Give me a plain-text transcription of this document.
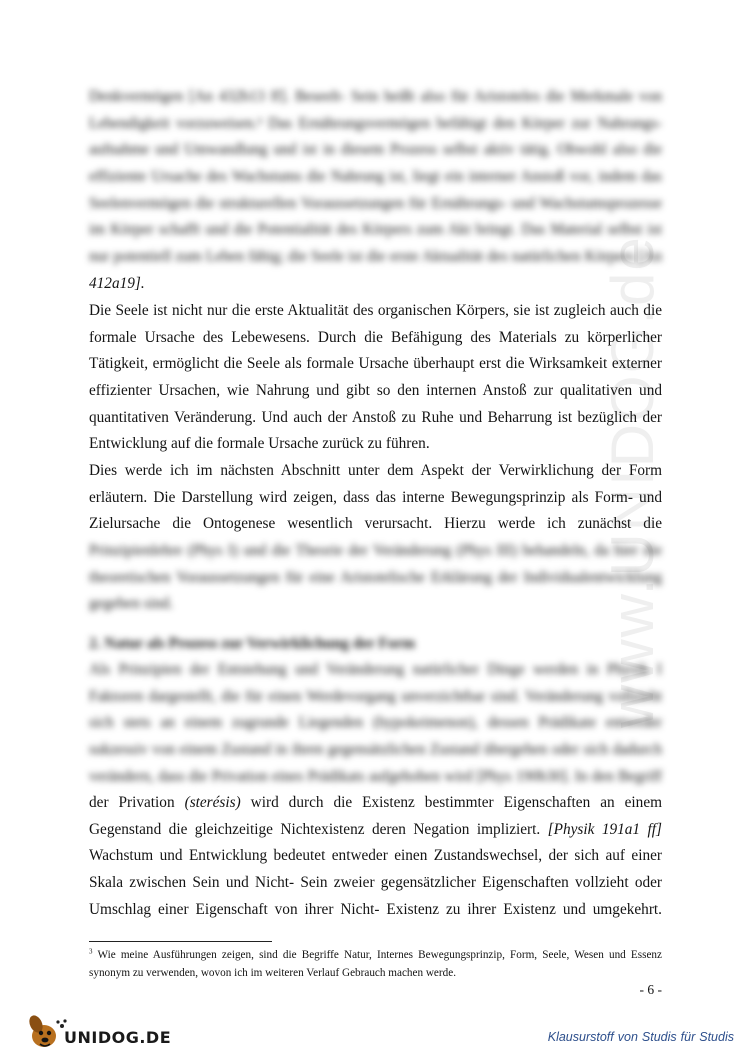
www.UNIDOG.de
Denkvermögen [An 432b13 ff]. Beseelt- Sein heißt also für Aristoteles die Merkmale von
Lebendigkeit vorzuweisen.³ Das Ernährungsvermögen befähigt den Körper zur Nahrungs-
aufnahme und Umwandlung und ist in diesem Prozess selbst aktiv tätig. Obwohl also die
effiziente Ursache des Wachstums die Nahrung ist, liegt ein interner Anstoß vor, indem das
Seelenvermögen die strukturellen Voraussetzungen für Ernährungs- und Wachstumsprozesse
im Körper schafft und die Potentialität des Körpers zum Akt bringt. Das Material selbst ist
nur potentiell zum Leben fähig; die Seele ist die erste Aktualität des natürlichen Körpers [An
412a19].
Die Seele ist nicht nur die erste Aktualität des organischen Körpers, sie ist zugleich auch die
formale Ursache des Lebewesens. Durch die Befähigung des Materials zu körperlicher
Tätigkeit, ermöglicht die Seele als formale Ursache überhaupt erst die Wirksamkeit externer
effizienter Ursachen, wie Nahrung und gibt so den internen Anstoß zur qualitativen und
quantitativen Veränderung. Und auch der Anstoß zu Ruhe und Beharrung ist bezüglich der
Entwicklung auf die formale Ursache zurück zu führen.
Dies werde ich im nächsten Abschnitt unter dem Aspekt der Verwirklichung der Form
erläutern. Die Darstellung wird zeigen, dass das interne Bewegungsprinzip als Form- und
Zielursache die Ontogenese wesentlich verursacht. Hierzu werde ich zunächst die
Prinzipienlehre (Phys I) und die Theorie der Veränderung (Phys III) behandeln, da hier die
theoretischen Voraussetzungen für eine Aristotelische Erklärung der Individualentwicklung
gegeben sind.
2. Natur als Prozess zur Verwirklichung der Form
Als Prinzipien der Entstehung und Veränderung natürlicher Dinge werden in Physik I
Faktoren dargestellt, die für einen Werdevorgang unverzichtbar sind. Veränderung vollzieht
sich stets an einem zugrunde Liegenden (hypokeimenon), dessen Prädikate entweder
sukzessiv von einem Zustand in ihren gegensätzlichen Zustand übergehen oder sich dadurch
verändern, dass die Privation eines Prädikats aufgehoben wird [Phys 190b30]. In den Begriff
der Privation (sterésis) wird durch die Existenz bestimmter Eigenschaften an einem
Gegenstand die gleichzeitige Nichtexistenz deren Negation impliziert. [Physik 191a1 ff]
Wachstum und Entwicklung bedeutet entweder einen Zustandswechsel, der sich auf einer
Skala zwischen Sein und Nicht- Sein zweier gegensätzlicher Eigenschaften vollzieht oder
Umschlag einer Eigenschaft von ihrer Nicht- Existenz zu ihrer Existenz und umgekehrt.
$^3$ Wie meine Ausführungen zeigen, sind die Begriffe Natur, Internes Bewegungsprinzip, Form, Seele, Wesen und Essenz synonym zu verwenden, wovon ich im weiteren Verlauf Gebrauch machen werde.
- 6 -
UNIDOG.DE	Klausurstoff von Studis für Studis
